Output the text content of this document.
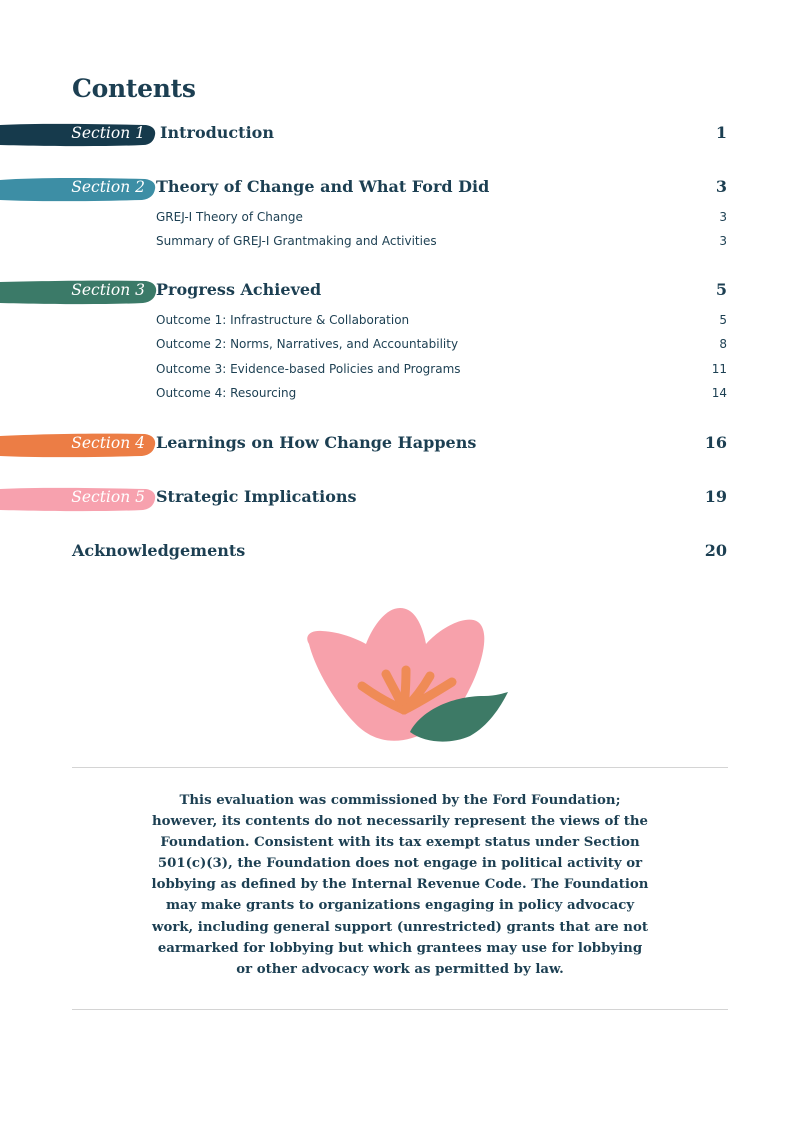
Contents
Section 1 Introduction	1
Section 2 Theory of Change and What Ford Did	3
GREJ-I Theory of Change	3
Summary of GREJ-I Grantmaking and Activities	3
Section 3 Progress Achieved	5
Outcome 1: Infrastructure & Collaboration	5
Outcome 2: Norms, Narratives, and Accountability	8
Outcome 3: Evidence-based Policies and Programs	11
Outcome 4: Resourcing	14
Section 4 Learnings on How Change Happens	16
Section 5 Strategic Implications	19
Acknowledgements	20
This evaluation was commissioned by the Ford Foundation; however, its contents do not necessarily represent the views of the Foundation. Consistent with its tax exempt status under Section 501(c)(3), the Foundation does not engage in political activity or lobbying as defined by the Internal Revenue Code. The Foundation may make grants to organizations engaging in policy advocacy work, including general support (unrestricted) grants that are not earmarked for lobbying but which grantees may use for lobbying or other advocacy work as permitted by law.
